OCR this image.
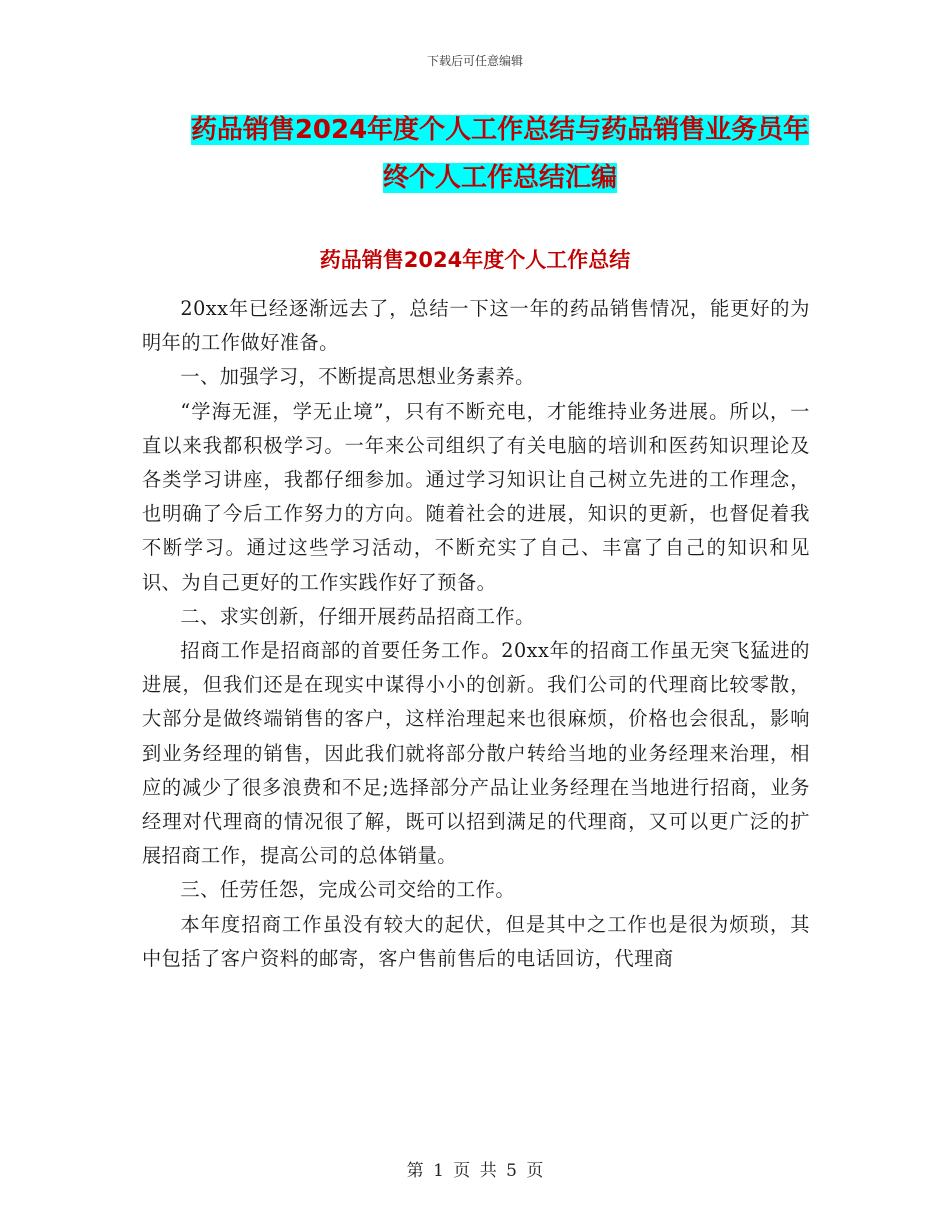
下载后可任意编辑
药品销售2024年度个人工作总结与药品销售业务员年
终个人工作总结汇编
药品销售2024年度个人工作总结

20xx年已经逐渐远去了，总结一下这一年的药品销售情况，能更好的为明年的工作做好准备。

一、加强学习，不断提高思想业务素养。

“学海无涯，学无止境”，只有不断充电，才能维持业务进展。所以，一直以来我都积极学习。一年来公司组织了有关电脑的培训和医药知识理论及各类学习讲座，我都仔细参加。通过学习知识让自己树立先进的工作理念，也明确了今后工作努力的方向。随着社会的进展，知识的更新，也督促着我不断学习。通过这些学习活动，不断充实了自己、丰富了自己的知识和见识、为自己更好的工作实践作好了预备。

二、求实创新，仔细开展药品招商工作。

招商工作是招商部的首要任务工作。20xx年的招商工作虽无突飞猛进的进展，但我们还是在现实中谋得小小的创新。我们公司的代理商比较零散，大部分是做终端销售的客户，这样治理起来也很麻烦，价格也会很乱，影响到业务经理的销售，因此我们就将部分散户转给当地的业务经理来治理，相应的减少了很多浪费和不足;选择部分产品让业务经理在当地进行招商，业务经理对代理商的情况很了解，既可以招到满足的代理商，又可以更广泛的扩展招商工作，提高公司的总体销量。

三、任劳任怨，完成公司交给的工作。

本年度招商工作虽没有较大的起伏，但是其中之工作也是很为烦琐，其中包括了客户资料的邮寄，客户售前售后的电话回访，代理商

第 1 页 共 5 页
